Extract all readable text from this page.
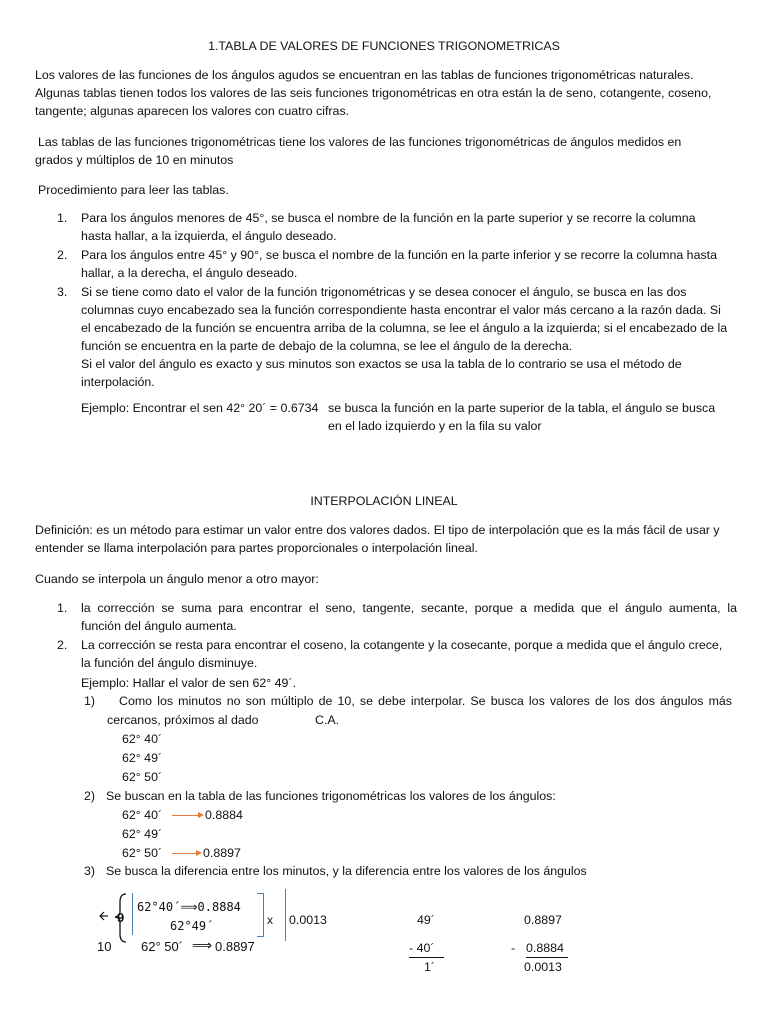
1.TABLA DE VALORES DE FUNCIONES TRIGONOMETRICAS
Los valores de las funciones de los ángulos agudos se encuentran en las tablas de funciones trigonométricas naturales.
Algunas tablas tienen todos los valores de las seis funciones trigonométricas en otra están la de seno, cotangente, coseno,
tangente; algunas aparecen los valores con cuatro cifras.
Las tablas de las funciones trigonométricas tiene los valores de las funciones trigonométricas de ángulos medidos en
grados y múltiplos de 10 en minutos
Procedimiento para leer las tablas.
1. Para los ángulos menores de 45°, se busca el nombre de la función en la parte superior y se recorre la columna
hasta hallar, a la izquierda, el ángulo deseado.
2. Para los ángulos entre 45° y 90°, se busca el nombre de la función en la parte inferior y se recorre la columna hasta
hallar, a la derecha, el ángulo deseado.
3. Si se tiene como dato el valor de la función trigonométricas y se desea conocer el ángulo, se busca en las dos
columnas cuyo encabezado sea la función correspondiente hasta encontrar el valor más cercano a la razón dada. Si
el encabezado de la función se encuentra arriba de la columna, se lee el ángulo a la izquierda; si el encabezado de la
función se encuentra en la parte de debajo de la columna, se lee el ángulo de la derecha.
Si el valor del ángulo es exacto y sus minutos son exactos se usa la tabla de lo contrario se usa el método de
interpolación.
Ejemplo: Encontrar el sen 42° 20´ = 0.6734 se busca la función en la parte superior de la tabla, el ángulo se busca
en el lado izquierdo y en la fila su valor
INTERPOLACIÓN LINEAL
Definición: es un método para estimar un valor entre dos valores dados. El tipo de interpolación que es la más fácil de usar y
entender se llama interpolación para partes proporcionales o interpolación lineal.
Cuando se interpola un ángulo menor a otro mayor:
1. la corrección se suma para encontrar el seno, tangente, secante, porque a medida que el ángulo aumenta, la
función del ángulo aumenta.
2. La corrección se resta para encontrar el coseno, la cotangente y la cosecante, porque a medida que el ángulo crece,
la función del ángulo disminuye.
Ejemplo: Hallar el valor de sen 62° 49´.
1) Como los minutos no son múltiplo de 10, se debe interpolar. Se busca los valores de los dos ángulos más
cercanos, próximos al dado	C.A.
62° 40´
62° 49´
62° 50´
2) Se buscan en la tabla de las funciones trigonométricas los valores de los ángulos:
62° 40´	0.8884
62° 49´
62° 50´	0.8897
3) Se busca la diferencia entre los minutos, y la diferencia entre los valores de los ángulos
9
10
62°40´⟹0.8884
62°49´	x 0.0013
62° 50´ ⟹ 0.8897
49´
- 40´
1´
0.8897
- 0.8884
0.0013
